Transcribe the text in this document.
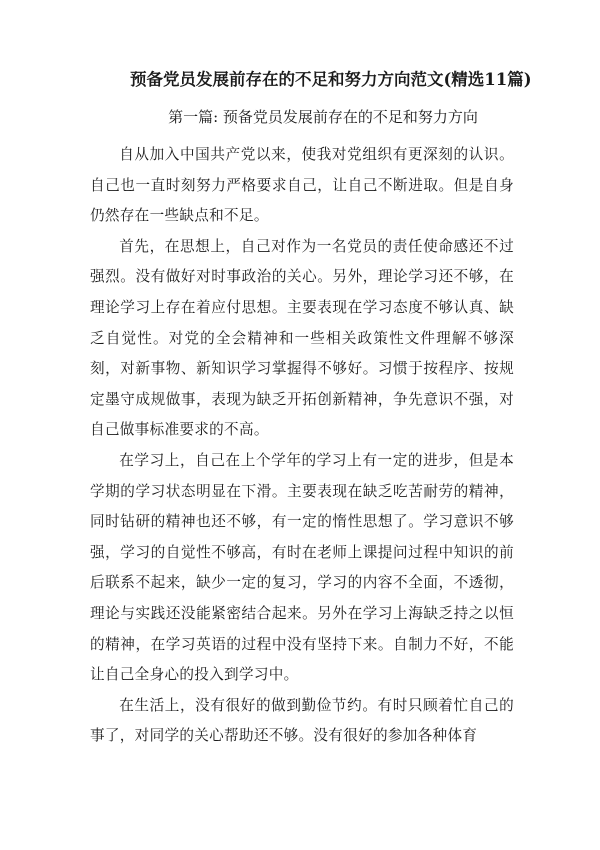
预备党员发展前存在的不足和努力方向范文(精选11篇)
第一篇: 预备党员发展前存在的不足和努力方向

自从加入中国共产党以来，使我对党组织有更深刻的认识。自己也一直时刻努力严格要求自己，让自己不断进取。但是自身仍然存在一些缺点和不足。

首先，在思想上，自己对作为一名党员的责任使命感还不过强烈。没有做好对时事政治的关心。另外，理论学习还不够，在理论学习上存在着应付思想。主要表现在学习态度不够认真、缺乏自觉性。对党的全会精神和一些相关政策性文件理解不够深刻，对新事物、新知识学习掌握得不够好。习惯于按程序、按规定墨守成规做事，表现为缺乏开拓创新精神，争先意识不强，对自己做事标准要求的不高。

在学习上，自己在上个学年的学习上有一定的进步，但是本学期的学习状态明显在下滑。主要表现在缺乏吃苦耐劳的精神，同时钻研的精神也还不够，有一定的惰性思想了。学习意识不够强，学习的自觉性不够高，有时在老师上课提问过程中知识的前后联系不起来，缺少一定的复习，学习的内容不全面，不透彻，理论与实践还没能紧密结合起来。另外在学习上海缺乏持之以恒的精神，在学习英语的过程中没有坚持下来。自制力不好，不能让自己全身心的投入到学习中。

在生活上，没有很好的做到勤俭节约。有时只顾着忙自己的事了，对同学的关心帮助还不够。没有很好的参加各种体育
